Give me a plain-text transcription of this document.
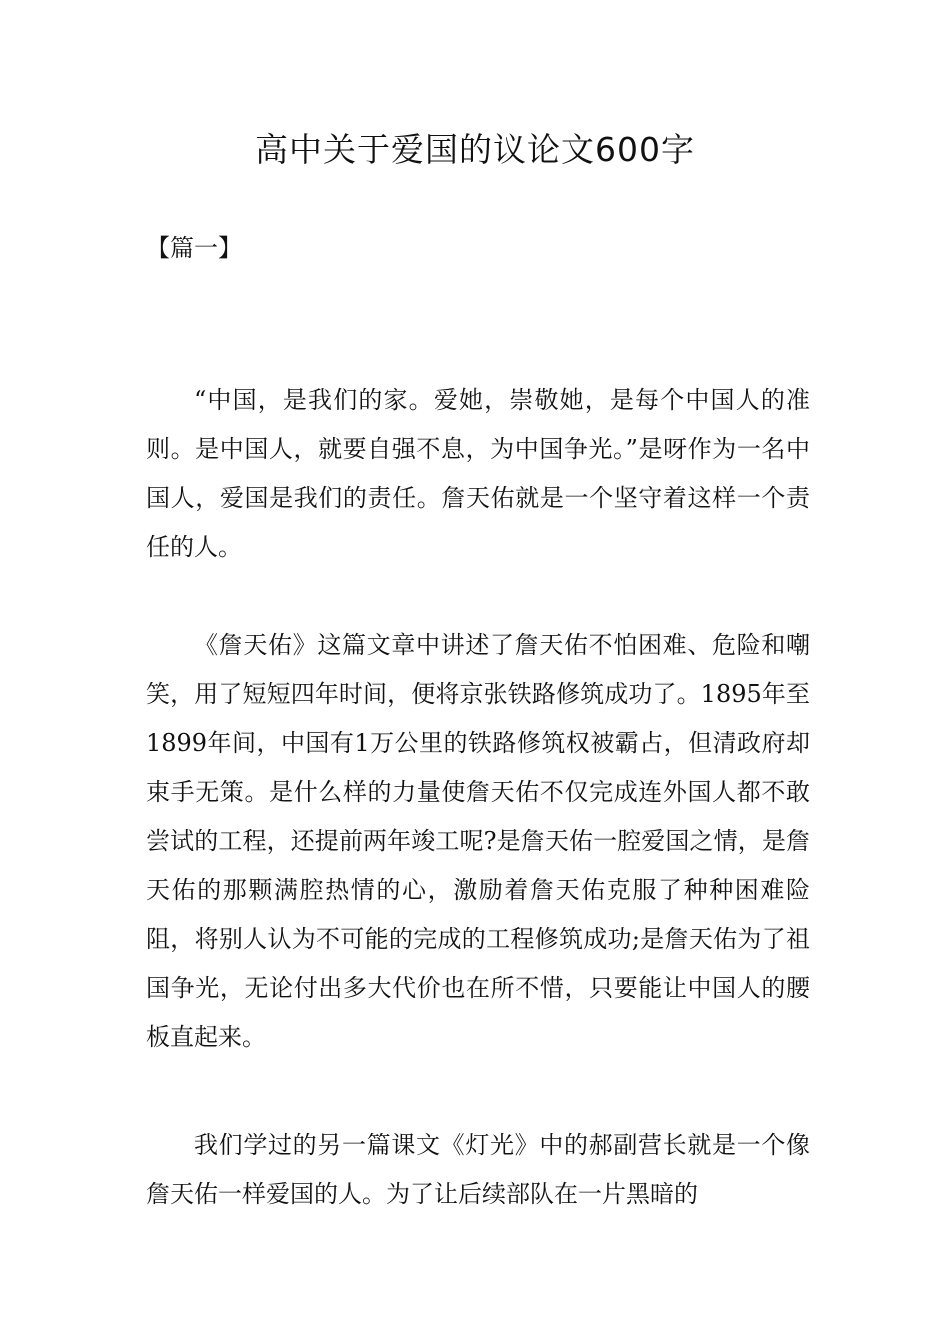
高中关于爱国的议论文600字

【篇一】

“中国，是我们的家。爱她，崇敬她，是每个中国人的准则。是中国人，就要自强不息，为中国争光。”是呀作为一名中国人，爱国是我们的责任。詹天佑就是一个坚守着这样一个责任的人。

《詹天佑》这篇文章中讲述了詹天佑不怕困难、危险和嘲笑，用了短短四年时间，便将京张铁路修筑成功了。1895年至1899年间，中国有1万公里的铁路修筑权被霸占，但清政府却束手无策。是什么样的力量使詹天佑不仅完成连外国人都不敢尝试的工程，还提前两年竣工呢?是詹天佑一腔爱国之情，是詹天佑的那颗满腔热情的心，激励着詹天佑克服了种种困难险阻，将别人认为不可能的完成的工程修筑成功;是詹天佑为了祖国争光，无论付出多大代价也在所不惜，只要能让中国人的腰板直起来。

我们学过的另一篇课文《灯光》中的郝副营长就是一个像詹天佑一样爱国的人。为了让后续部队在一片黑暗的
